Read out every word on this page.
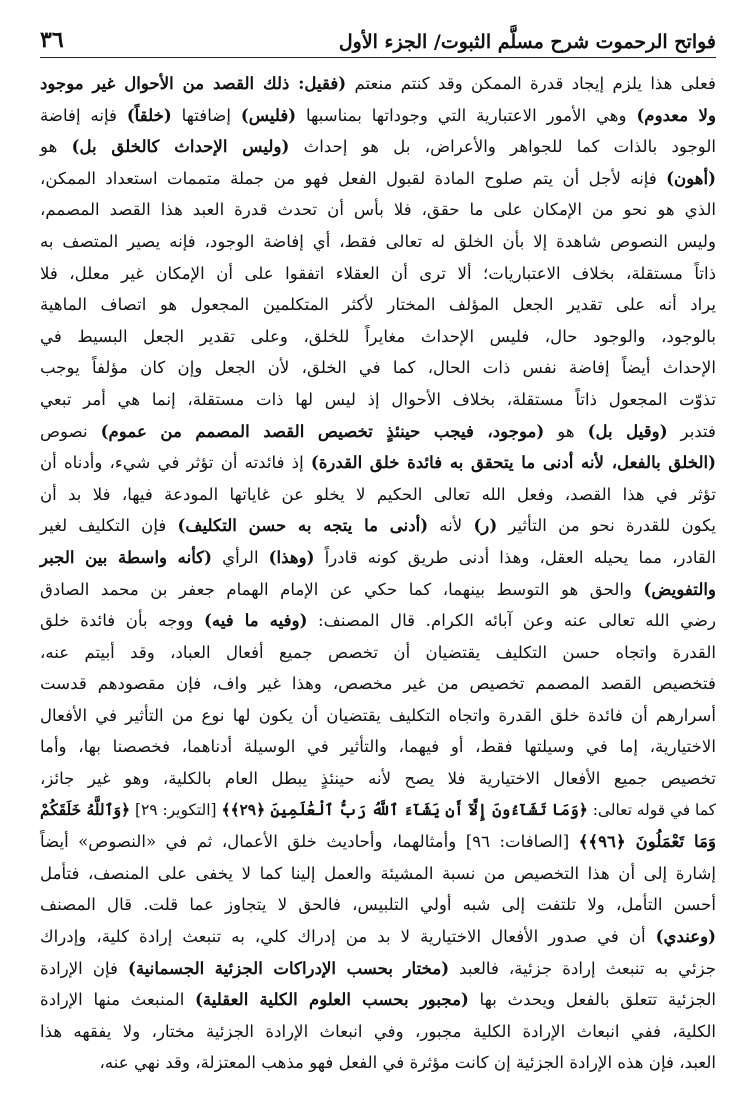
فواتح الرحموت شرح مسلَّم الثبوت/ الجزء الأول
٣٦
فعلى هذا يلزم إيجاد قدرة الممكن وقد كنتم منعتم (فقيل: ذلك القصد من الأحوال غير موجود
ولا معدوم) وهي الأمور الاعتبارية التي وجوداتها بمناسبها (فليس) إضافتها (خلقاً) فإنه إفاضة
الوجود بالذات كما للجواهر والأعراض، بل هو إحداث (وليس الإحداث كالخلق بل) هو
(أهون) فإنه لأجل أن يتم صلوح المادة لقبول الفعل فهو من جملة متممات استعداد الممكن،
الذي هو نحو من الإمكان على ما حقق، فلا بأس أن تحدث قدرة العبد هذا القصد المصمم،
وليس النصوص شاهدة إلا بأن الخلق له تعالى فقط، أي إفاضة الوجود، فإنه يصير المتصف به
ذاتاً مستقلة، بخلاف الاعتباريات؛ ألا ترى أن العقلاء اتفقوا على أن الإمكان غير معلل، فلا
يراد أنه على تقدير الجعل المؤلف المختار لأكثر المتكلمين المجعول هو اتصاف الماهية
بالوجود، والوجود حال، فليس الإحداث مغايراً للخلق، وعلى تقدير الجعل البسيط في
الإحداث أيضاً إفاضة نفس ذات الحال، كما في الخلق، لأن الجعل وإن كان مؤلفاً يوجب
تذوّت المجعول ذاتاً مستقلة، بخلاف الأحوال إذ ليس لها ذات مستقلة، إنما هي أمر تبعي
فتدبر (وقيل بل) هو (موجود، فيجب حينئذٍ تخصيص القصد المصمم من عموم) نصوص
(الخلق بالفعل، لأنه أدنى ما يتحقق به فائدة خلق القدرة) إذ فائدته أن تؤثر في شيء، وأدناه أن
تؤثر في هذا القصد، وفعل الله تعالى الحكيم لا يخلو عن غاياتها المودعة فيها، فلا بد أن
يكون للقدرة نحو من التأثير (ر) لأنه (أدنى ما يتجه به حسن التكليف) فإن التكليف لغير
القادر، مما يحيله العقل، وهذا أدنى طريق كونه قادراً (وهذا) الرأي (كأنه واسطة بين الجبر
والتفويض) والحق هو التوسط بينهما، كما حكي عن الإمام الهمام جعفر بن محمد الصادق
رضي الله تعالى عنه وعن آبائه الكرام. قال المصنف: (وفيه ما فيه) ووجه بأن فائدة خلق
القدرة واتجاه حسن التكليف يقتضيان أن تخصص جميع أفعال العباد، وقد أبيتم عنه،
فتخصيص القصد المصمم تخصيص من غير مخصص، وهذا غير واف، فإن مقصودهم قدست
أسرارهم أن فائدة خلق القدرة واتجاه التكليف يقتضيان أن يكون لها نوع من التأثير في الأفعال
الاختيارية، إما في وسيلتها فقط، أو فيهما، والتأثير في الوسيلة أدناهما، فخصصنا بها، وأما
تخصيص جميع الأفعال الاختيارية فلا يصح لأنه حينئذٍ يبطل العام بالكلية، وهو غير جائز،
كما في قوله تعالى: ﴿وَمَا تَشَآءُونَ إِلَّآ أَن يَشَآءَ ٱللَّهُ رَبُّ ٱلْعَٰلَمِينَ ﴿٢٩﴾﴾ [التكوير: ٢٩] ﴿وَٱللَّهُ خَلَقَكُمْ
وَمَا تَعْمَلُونَ ﴿٩٦﴾﴾ [الصافات: ٩٦] وأمثالهما، وأحاديث خلق الأعمال، ثم في «النصوص» أيضاً
إشارة إلى أن هذا التخصيص من نسبة المشيئة والعمل إلينا كما لا يخفى على المنصف، فتأمل
أحسن التأمل، ولا تلتفت إلى شبه أولي التلبيس، فالحق لا يتجاوز عما قلت. قال المصنف
(وعندي) أن في صدور الأفعال الاختيارية لا بد من إدراك كلي، به تنبعث إرادة كلية، وإدراك
جزئي به تنبعث إرادة جزئية، فالعبد (مختار بحسب الإدراكات الجزئية الجسمانية) فإن الإرادة
الجزئية تتعلق بالفعل ويحدث بها (مجبور بحسب العلوم الكلية العقلية) المنبعث منها الإرادة
الكلية، ففي انبعاث الإرادة الكلية مجبور، وفي انبعاث الإرادة الجزئية مختار، ولا يفقهه هذا
العبد، فإن هذه الإرادة الجزئية إن كانت مؤثرة في الفعل فهو مذهب المعتزلة، وقد نهي عنه،
